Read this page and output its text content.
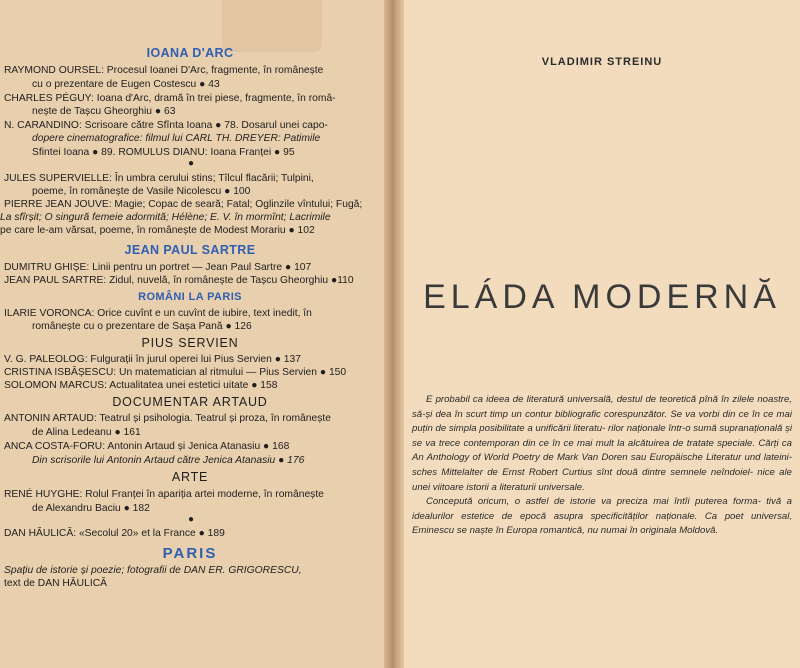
IOANA D'ARC
RAYMOND OURSEL: Procesul Ioanei D'Arc, fragmente, în românește
cu o prezentare de Eugen Costescu ● 43
CHARLES PÉGUY: Ioana d'Arc, dramă în trei piese, fragmente, în româ-
nește de Tașcu Gheorghiu ● 63
N. CARANDINO: Scrisoare către Sfînta Ioana ● 78. Dosarul unei capo-
dopere cinematografice: filmul lui CARL TH. DREYER: Patimile
Sfintei Ioana ● 89. ROMULUS DIANU: Ioana Franței ● 95
●
JULES SUPERVIELLE: În umbra cerului stins; Tîlcul flacării; Tulpini,
poeme, în românește de Vasile Nicolescu ● 100
PIERRE JEAN JOUVE: Magie; Copac de seară; Fatal; Oglinzile vîntului; Fugă;
La sfîrșit; O singură femeie adormită; Hélène; E. V. în mormînt; Lacrimile
pe care le-am vărsat, poeme, în românește de Modest Morariu ● 102
JEAN PAUL SARTRE
DUMITRU GHIȘE: Linii pentru un portret — Jean Paul Sartre ● 107
JEAN PAUL SARTRE: Zidul, nuvelă, în românește de Tașcu Gheorghiu ●110
ROMÂNI LA PARIS
ILARIE VORONCA: Orice cuvînt e un cuvînt de iubire, text inedit, în
românește cu o prezentare de Sașa Pană ● 126
PIUS SERVIEN
V. G. PALEOLOG: Fulgurații în jurul operei lui Pius Servien ● 137
CRISTINA ISBĂȘESCU: Un matematician al ritmului — Pius Servien ● 150
SOLOMON MARCUS: Actualitatea unei estetici uitate ● 158
DOCUMENTAR ARTAUD
ANTONIN ARTAUD: Teatrul și psihologia. Teatrul și proza, în românește
de Alina Ledeanu ● 161
ANCA COSTA-FORU: Antonin Artaud și Jenica Atanasiu ● 168
Din scrisorile lui Antonin Artaud către Jenica Atanasiu ● 176
ARTE
RENÉ HUYGHE: Rolul Franței în apariția artei moderne, în românește
de Alexandru Baciu ● 182
●
DAN HĂULICĂ: «Secolul 20» et la France ● 189
PARIS
Spațiu de istorie și poezie; fotografii de DAN ER. GRIGORESCU,
text de DAN HĂULICĂ
VLADIMIR STREINU
ELÁDA MODERNĂ

E probabil ca ideea de literatură universală, destul de teoretică pînă în zilele noastre, să-și dea în scurt timp un contur bibliografic corespunzător. Se va vorbi din ce în ce mai puțin de simpla posibilitate a unificării literatu- rilor naționale într-o sumă supranațională și se va trece contemporan din ce în ce mai mult la alcătuirea de tratate speciale. Cărți ca An Anthology of World Poetry de Mark Van Doren sau Europäische Literatur und lateini- sches Mittelalter de Ernst Robert Curtius sînt două dintre semnele neîndoiel- nice ale unei viitoare istorii a literaturii universale.

Concepută oricum, o astfel de istorie va preciza mai întîi puterea forma- tivă a idealurilor estetice de epocă asupra specificităților naționale. Ca poet universal, Eminescu se naște în Europa romantică, nu numai în originala Moldovă.
